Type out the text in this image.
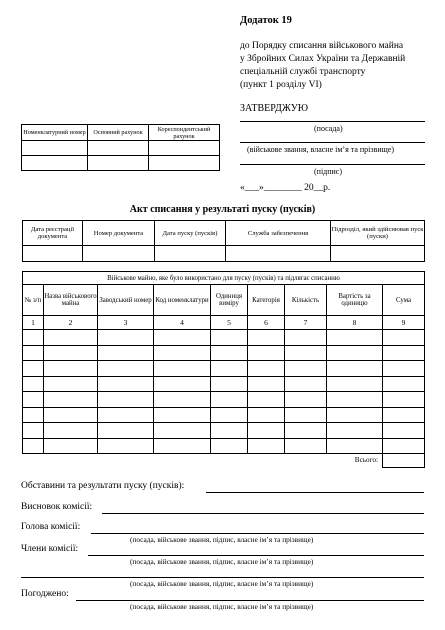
Додаток 19
до Порядку списання військового майна
у Збройних Силах України та Державній
спеціальній службі транспорту
(пункт 1 розділу VI)
ЗАТВЕРДЖУЮ
(посада)
(військове звання, власне ім’я та прізвище)
(підпис)
«___»________ 20__р.
Номенклатурний номер	Основний рахунок	Кореспондентський рахунок

Акт списання у результаті пуску (пусків)
Дата реєстрації документа	Номер документа	Дата пуску (пусків)	Служба забезпечення	Підрозділ, який здійснював пуск (пуски)

Військове майно, яке було використано для пуску (пусків) та підлягає списанню								
№ з/п	Назва військового майна	Заводський номер	Код номенклатури	Одиниця виміру	Категорія	Кількість	Вартість за одиницю	Сума
1	2	3	4	5	6	7	8	9

Всього:								
Обставини та результати пуску (пусків):
Висновок комісії:
Голова комісії:
(посада, військове звання, підпис, власне ім’я та прізвище)
Члени комісії:
(посада, військове звання, підпис, власне ім’я та прізвище)
(посада, військове звання, підпис, власне ім’я та прізвище)
Погоджено:
(посада, військове звання, підпис, власне ім’я та прізвище)
